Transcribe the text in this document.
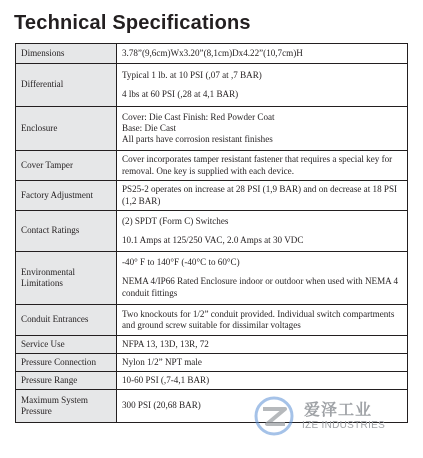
Technical Specifications
Dimensions	3.78”(9,6cm)Wx3.20”(8,1cm)Dx4.22”(10,7cm)H

Differential	Typical 1 lb. at 10 PSI (,07 at ,7 BAR)

4 lbs at 60 PSI (,28 at 4,1 BAR)

Enclosure	Cover: Die Cast Finish: Red Powder Coat

Base: Die Cast

All parts have corrosion resistant finishes

Cover Tamper	Cover incorporates tamper resistant fastener that requires a special key for removal. One key is supplied with each device.

Factory Adjustment	PS25-2 operates on increase at 28 PSI (1,9 BAR) and on decrease at 18 PSI (1,2 BAR)

Contact Ratings	(2) SPDT (Form C) Switches

10.1 Amps at 125/250 VAC, 2.0 Amps at 30 VDC

Environmental Limitations	-40° F to 140°F (-40°C to 60°C)

NEMA 4/IP66 Rated Enclosure indoor or outdoor when used with NEMA 4 conduit fittings

Conduit Entrances	Two knockouts for 1/2” conduit provided. Individual switch compartments and ground screw suitable for dissimilar voltages

Service Use	NFPA 13, 13D, 13R, 72

Pressure Connection	Nylon 1/2” NPT male

Pressure Range	10-60 PSI (,7-4,1 BAR)

Maximum System Pressure	300 PSI (20,68 BAR)	爱泽工业
IZE INDUSTRIES
